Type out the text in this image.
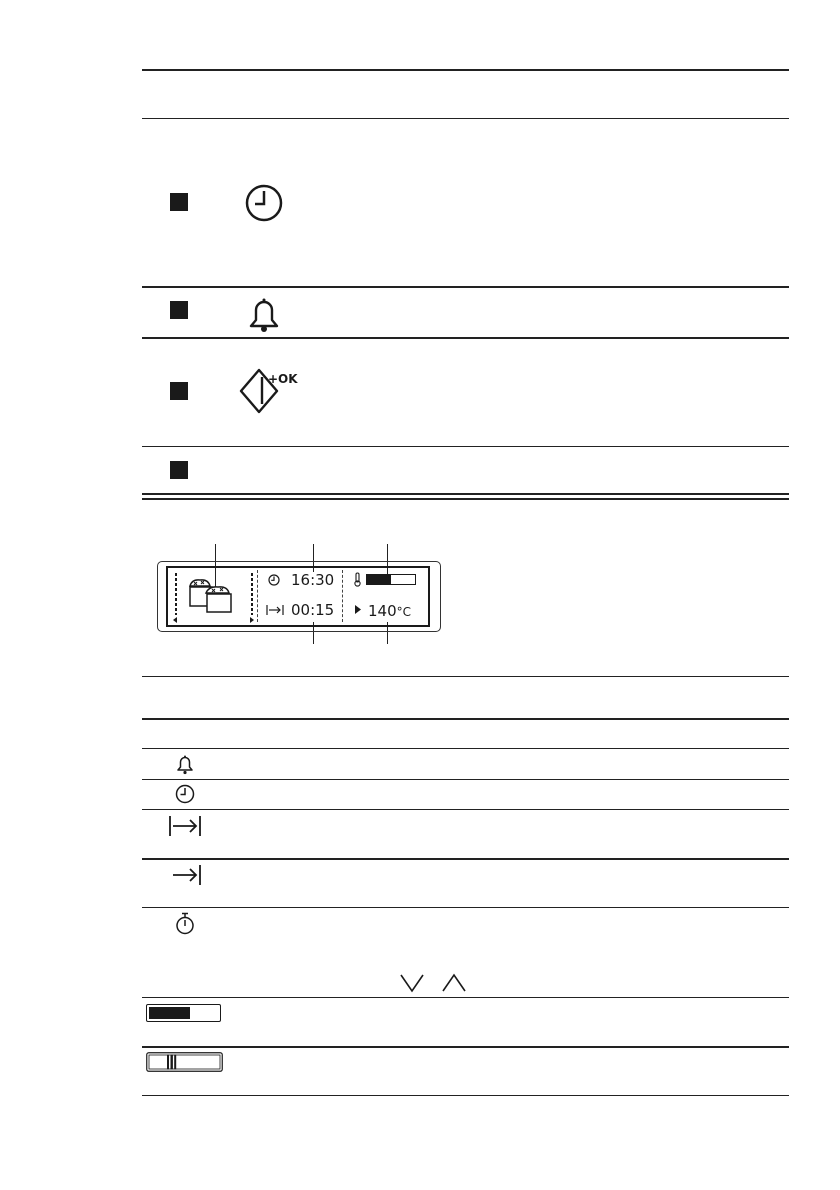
+OK
16:30
00:15 140°C
